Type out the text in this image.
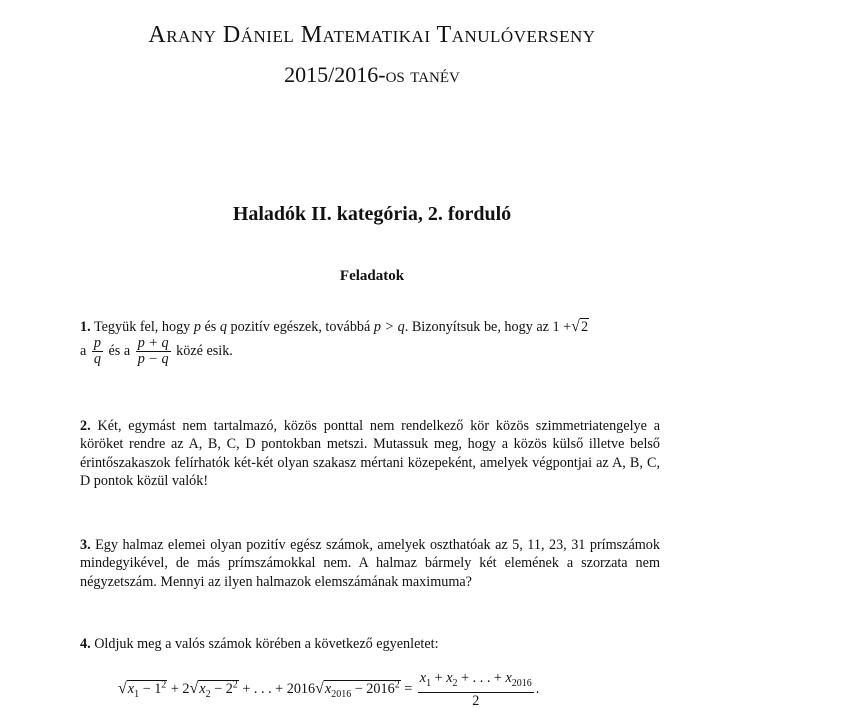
Arany Dániel Matematikai Tanulóverseny
2015/2016-os tanév
Haladók II. kategória, 2. forduló
Feladatok
1. Tegyük fel, hogy p és q pozitív egészek, továbbá p > q. Bizonyítsuk be, hogy az 1 +√2
a $\frac{p}{q}$ és a $\frac{p + q}{p - q}$ közé esik.
2. Két, egymást nem tartalmazó, közös ponttal nem rendelkező kör közös szimmetriatengelye a köröket rendre az A, B, C, D pontokban metszi. Mutassuk meg, hogy a közös külső illetve belső érintőszakaszok felírhatók két-két olyan szakasz mértani közepeként, amelyek végpontjai az A, B, C, D pontok közül valók!
3. Egy halmaz elemei olyan pozitív egész számok, amelyek oszthatóak az 5, 11, 23, 31 prímszámok mindegyikével, de más prímszámokkal nem. A halmaz bármely két elemének a szorzata nem négyzetszám. Mennyi az ilyen halmazok elemszámának maximuma?
4. Oldjuk meg a valós számok körében a következő egyenletet:
$√x_1 - 1^2 + 2√x_2 - 2^2$ + . . . + $2016√x_{2016} - 2016^2 = \frac{x_1 + x_2 + . . . + x_{2016}}{2}$ .
